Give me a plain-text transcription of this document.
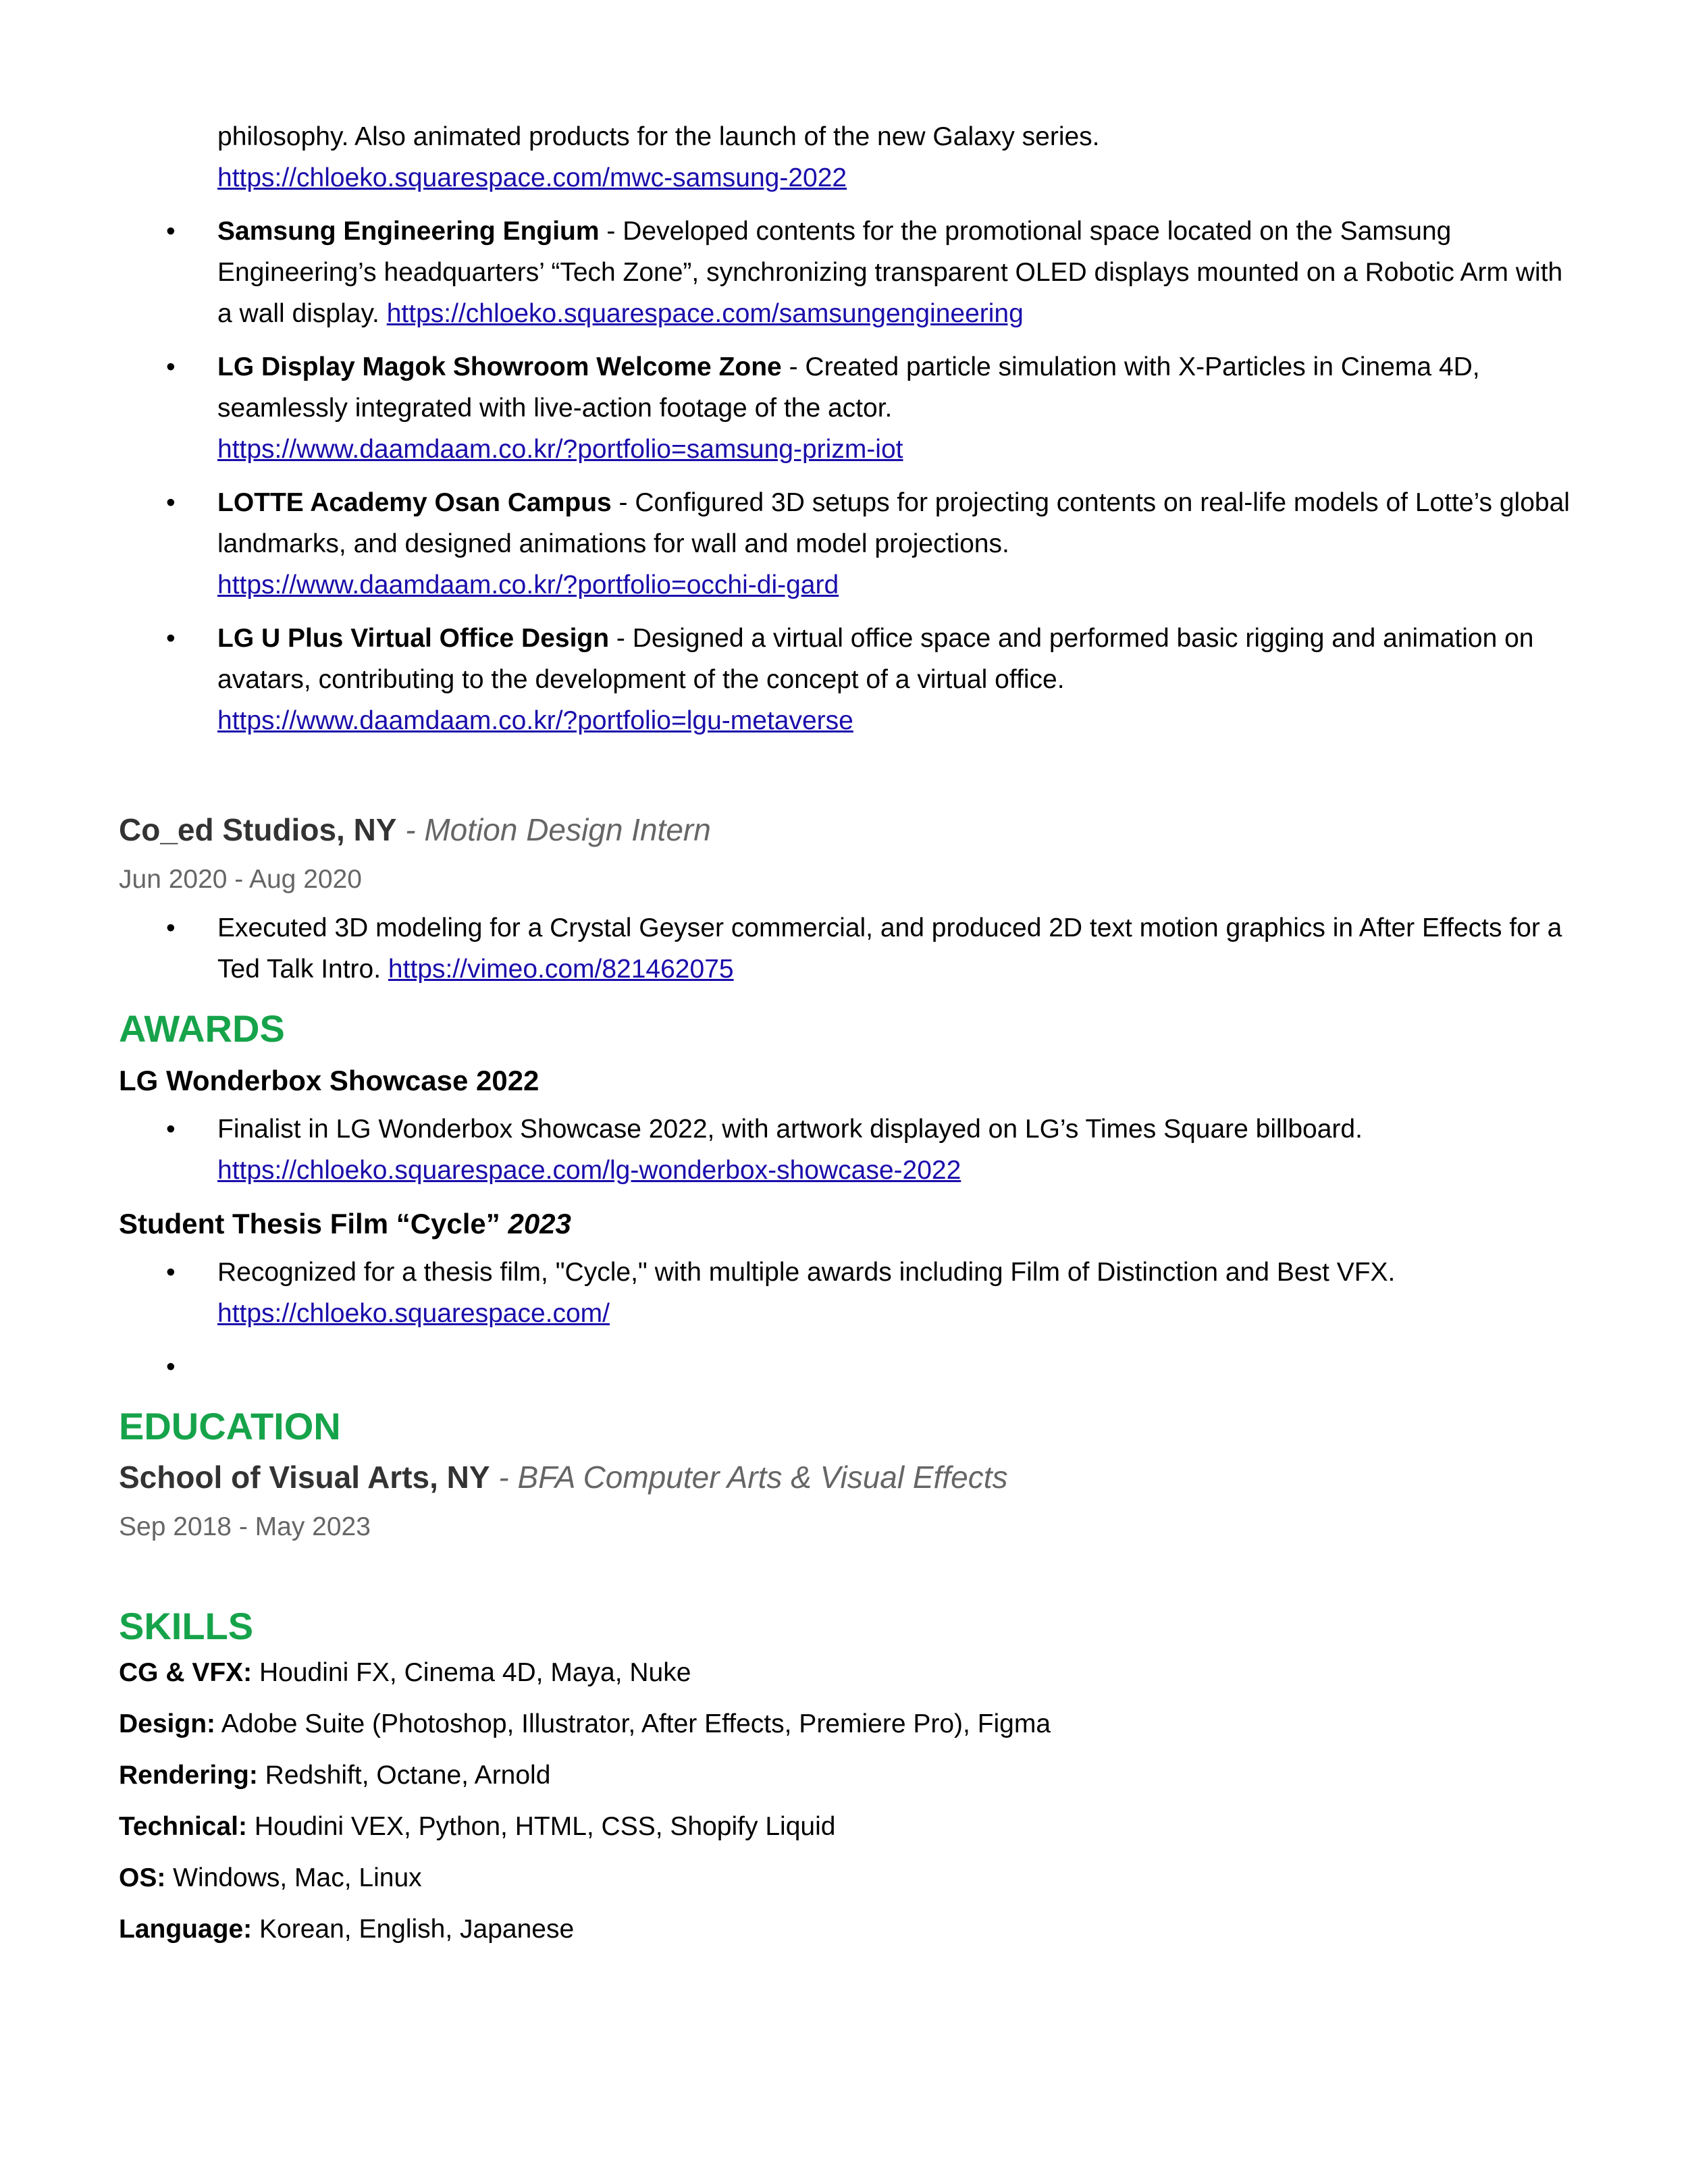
philosophy. Also animated products for the launch of the new Galaxy series.
https://chloeko.squarespace.com/mwc-samsung-2022
•	Samsung Engineering Engium - Developed contents for the promotional space located on the Samsung Engineering’s headquarters’ “Tech Zone”, synchronizing transparent OLED displays mounted on a Robotic Arm with a wall display. https://chloeko.squarespace.com/samsungengineering
•	LG Display Magok Showroom Welcome Zone - Created particle simulation with X-Particles in Cinema 4D, seamlessly integrated with live-action footage of the actor.
https://www.daamdaam.co.kr/?portfolio=samsung-prizm-iot
•	LOTTE Academy Osan Campus - Configured 3D setups for projecting contents on real-life models of Lotte’s global landmarks, and designed animations for wall and model projections.
https://www.daamdaam.co.kr/?portfolio=occhi-di-gard
•	LG U Plus Virtual Office Design - Designed a virtual office space and performed basic rigging and animation on avatars, contributing to the development of the concept of a virtual office.
https://www.daamdaam.co.kr/?portfolio=lgu-metaverse
Co_ed Studios, NY - Motion Design Intern
Jun 2020 - Aug 2020
•	Executed 3D modeling for a Crystal Geyser commercial, and produced 2D text motion graphics in After Effects for a Ted Talk Intro. https://vimeo.com/821462075
AWARDS
LG Wonderbox Showcase 2022
•	Finalist in LG Wonderbox Showcase 2022, with artwork displayed on LG’s Times Square billboard.
https://chloeko.squarespace.com/lg-wonderbox-showcase-2022
Student Thesis Film “Cycle” 2023
•	Recognized for a thesis film, "Cycle," with multiple awards including Film of Distinction and Best VFX.
https://chloeko.squarespace.com/
•

EDUCATION
School of Visual Arts, NY - BFA Computer Arts & Visual Effects
Sep 2018 - May 2023
SKILLS
CG & VFX: Houdini FX, Cinema 4D, Maya, Nuke
Design: Adobe Suite (Photoshop, Illustrator, After Effects, Premiere Pro), Figma
Rendering: Redshift, Octane, Arnold
Technical: Houdini VEX, Python, HTML, CSS, Shopify Liquid
OS: Windows, Mac, Linux
Language: Korean, English, Japanese
